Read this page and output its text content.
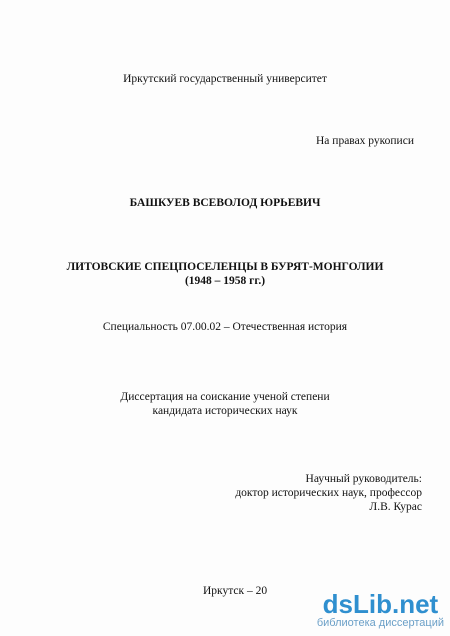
Иркутский государственный университет
На правах рукописи
БАШКУЕВ ВСЕВОЛОД ЮРЬЕВИЧ
ЛИТОВСКИЕ СПЕЦПОСЕЛЕНЦЫ В БУРЯТ-МОНГОЛИИ
(1948 – 1958 гг.)
Специальность 07.00.02 – Отечественная история
Диссертация на соискание ученой степени
кандидата исторических наук
Научный руководитель:
доктор исторических наук, профессор
Л.В. Курас
Иркутск – 20 dsLib.net
библиотека диссертаций
